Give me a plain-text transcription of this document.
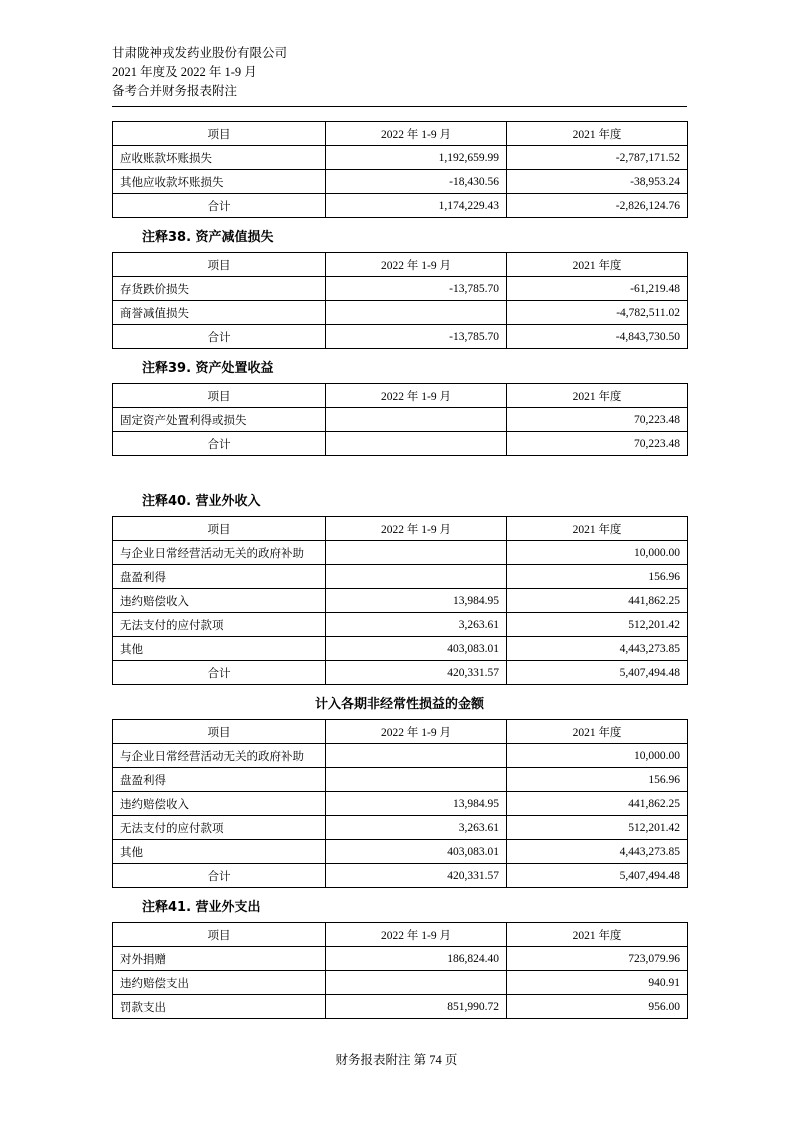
甘肃陇神戎发药业股份有限公司
2021 年度及 2022 年 1-9 月
备考合并财务报表附注
项目	2022 年 1-9 月	2021 年度
应收账款坏账损失	1,192,659.99	-2,787,171.52
其他应收款坏账损失	-18,430.56	-38,953.24
合计	1,174,229.43	-2,826,124.76
注释38. 资产减值损失
项目	2022 年 1-9 月	2021 年度
存货跌价损失	-13,785.70	-61,219.48
商誉减值损失		-4,782,511.02
合计	-13,785.70	-4,843,730.50
注释39. 资产处置收益
项目	2022 年 1-9 月	2021 年度
固定资产处置利得或损失		70,223.48
合计		70,223.48
注释40. 营业外收入
项目	2022 年 1-9 月	2021 年度
与企业日常经营活动无关的政府补助		10,000.00
盘盈利得		156.96
违约赔偿收入	13,984.95	441,862.25
无法支付的应付款项	3,263.61	512,201.42
其他	403,083.01	4,443,273.85
合计	420,331.57	5,407,494.48
计入各期非经常性损益的金额
项目	2022 年 1-9 月	2021 年度
与企业日常经营活动无关的政府补助		10,000.00
盘盈利得		156.96
违约赔偿收入	13,984.95	441,862.25
无法支付的应付款项	3,263.61	512,201.42
其他	403,083.01	4,443,273.85
合计	420,331.57	5,407,494.48
注释41. 营业外支出
项目	2022 年 1-9 月	2021 年度
对外捐赠	186,824.40	723,079.96
违约赔偿支出		940.91
罚款支出	851,990.72	956.00
财务报表附注 第 74 页
